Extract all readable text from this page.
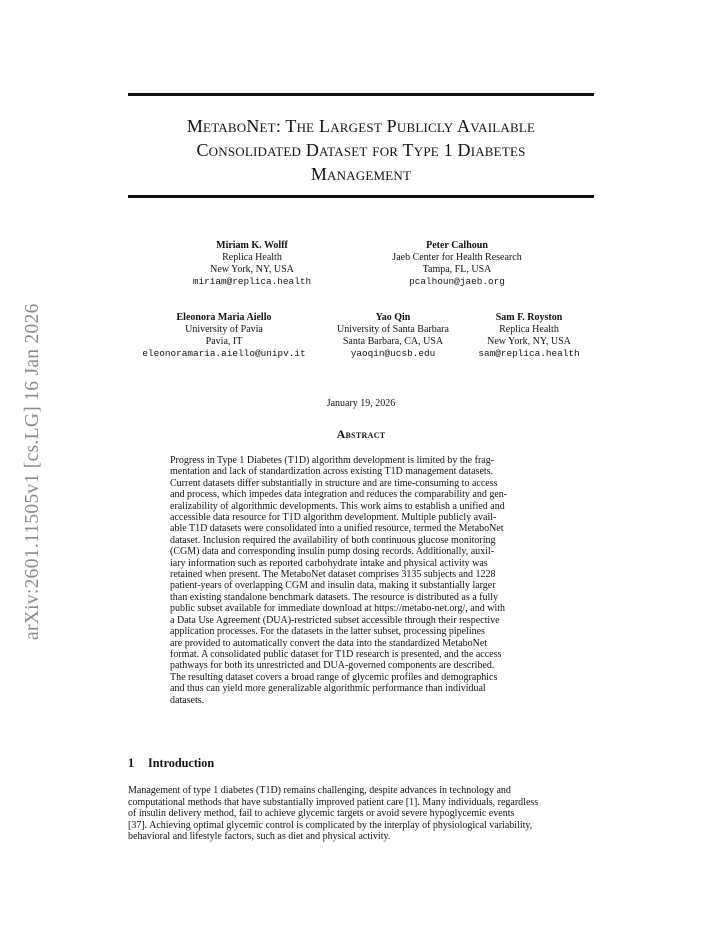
arXiv:2601.11505v1 [cs.LG] 16 Jan 2026
MetaboNet: The Largest Publicly Available
Consolidated Dataset for Type 1 Diabetes
Management
Miriam K. Wolff
Replica Health
New York, NY, USA
miriam@replica.health
Peter Calhoun
Jaeb Center for Health Research
Tampa, FL, USA
pcalhoun@jaeb.org
Eleonora Maria Aiello
University of Pavia
Pavia, IT
eleonoramaria.aiello@unipv.it
Yao Qin
University of Santa Barbara
Santa Barbara, CA, USA
yaoqin@ucsb.edu
Sam F. Royston
Replica Health
New York, NY, USA
sam@replica.health
January 19, 2026
Abstract
Progress in Type 1 Diabetes (T1D) algorithm development is limited by the frag-
mentation and lack of standardization across existing T1D management datasets.
Current datasets differ substantially in structure and are time-consuming to access
and process, which impedes data integration and reduces the comparability and gen-
eralizability of algorithmic developments. This work aims to establish a unified and
accessible data resource for T1D algorithm development. Multiple publicly avail-
able T1D datasets were consolidated into a unified resource, termed the MetaboNet
dataset. Inclusion required the availability of both continuous glucose monitoring
(CGM) data and corresponding insulin pump dosing records. Additionally, auxil-
iary information such as reported carbohydrate intake and physical activity was
retained when present. The MetaboNet dataset comprises 3135 subjects and 1228
patient-years of overlapping CGM and insulin data, making it substantially larger
than existing standalone benchmark datasets. The resource is distributed as a fully
public subset available for immediate download at https://metabo-net.org/, and with
a Data Use Agreement (DUA)-restricted subset accessible through their respective
application processes. For the datasets in the latter subset, processing pipelines
are provided to automatically convert the data into the standardized MetaboNet
format. A consolidated public dataset for T1D research is presented, and the access
pathways for both its unrestricted and DUA-governed components are described.
The resulting dataset covers a broad range of glycemic profiles and demographics
and thus can yield more generalizable algorithmic performance than individual
datasets.
1 Introduction
Management of type 1 diabetes (T1D) remains challenging, despite advances in technology and
computational methods that have substantially improved patient care [1]. Many individuals, regardless
of insulin delivery method, fail to achieve glycemic targets or avoid severe hypoglycemic events
[37]. Achieving optimal glycemic control is complicated by the interplay of physiological variability,
behavioral and lifestyle factors, such as diet and physical activity.
